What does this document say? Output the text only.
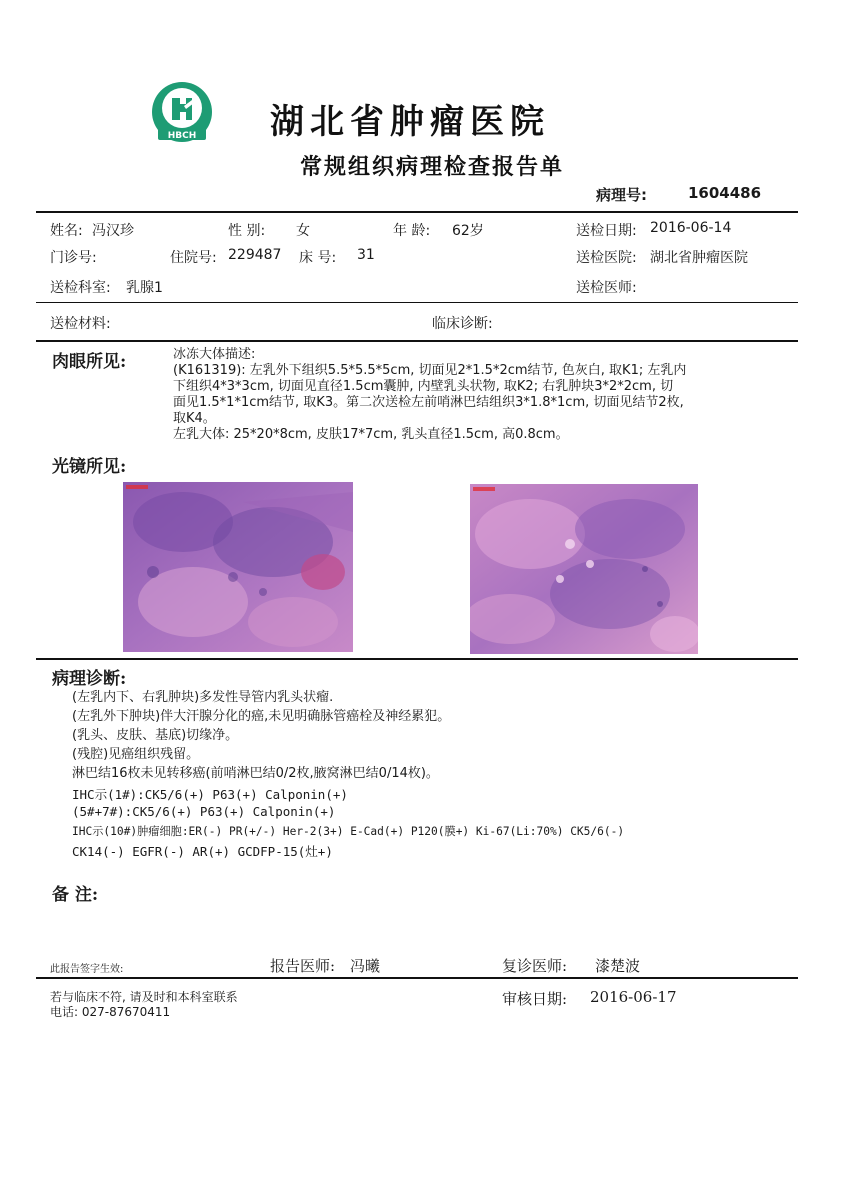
HBCH 湖北省肿瘤医院
常规组织病理检查报告单
病理号:	1604486
姓名: 冯汉珍	性 别: 女	年 龄: 62岁	送检日期: 2016-06-14
门诊号:	住院号: 229487 床 号: 31	送检医院: 湖北省肿瘤医院
送检科室: 乳腺1	送检医师:
送检材料:	临床诊断:
肉眼所见:	冰冻大体描述:
(K161319): 左乳外下组织5.5*5.5*5cm, 切面见2*1.5*2cm结节, 色灰白, 取K1; 左乳内
下组织4*3*3cm, 切面见直径1.5cm囊肿, 内壁乳头状物, 取K2; 右乳肿块3*2*2cm, 切
面见1.5*1*1cm结节, 取K3。第二次送检左前哨淋巴结组织3*1.8*1cm, 切面见结节2枚,
取K4。
左乳大体: 25*20*8cm, 皮肤17*7cm, 乳头直径1.5cm, 高0.8cm。
光镜所见:
病理诊断:
(左乳内下、右乳肿块)多发性导管内乳头状瘤.
(左乳外下肿块)伴大汗腺分化的癌,未见明确脉管癌栓及神经累犯。
(乳头、皮肤、基底)切缘净。
(残腔)见癌组织残留。
淋巴结16枚未见转移癌(前哨淋巴结0/2枚,腋窝淋巴结0/14枚)。
IHC示(1#):CK5/6(+) P63(+) Calponin(+)
(5#+7#):CK5/6(+) P63(+) Calponin(+)
IHC示(10#)肿瘤细胞:ER(-) PR(+/-) Her-2(3+) E-Cad(+) P120(膜+) Ki-67(Li:70%) CK5/6(-)
CK14(-) EGFR(-) AR(+) GCDFP-15(灶+)
备 注:
此报告签字生效:	报告医师: 冯曦	复诊医师: 漆楚波
若与临床不符, 请及时和本科室联系
电话: 027-87670411
审核日期: 2016-06-17
